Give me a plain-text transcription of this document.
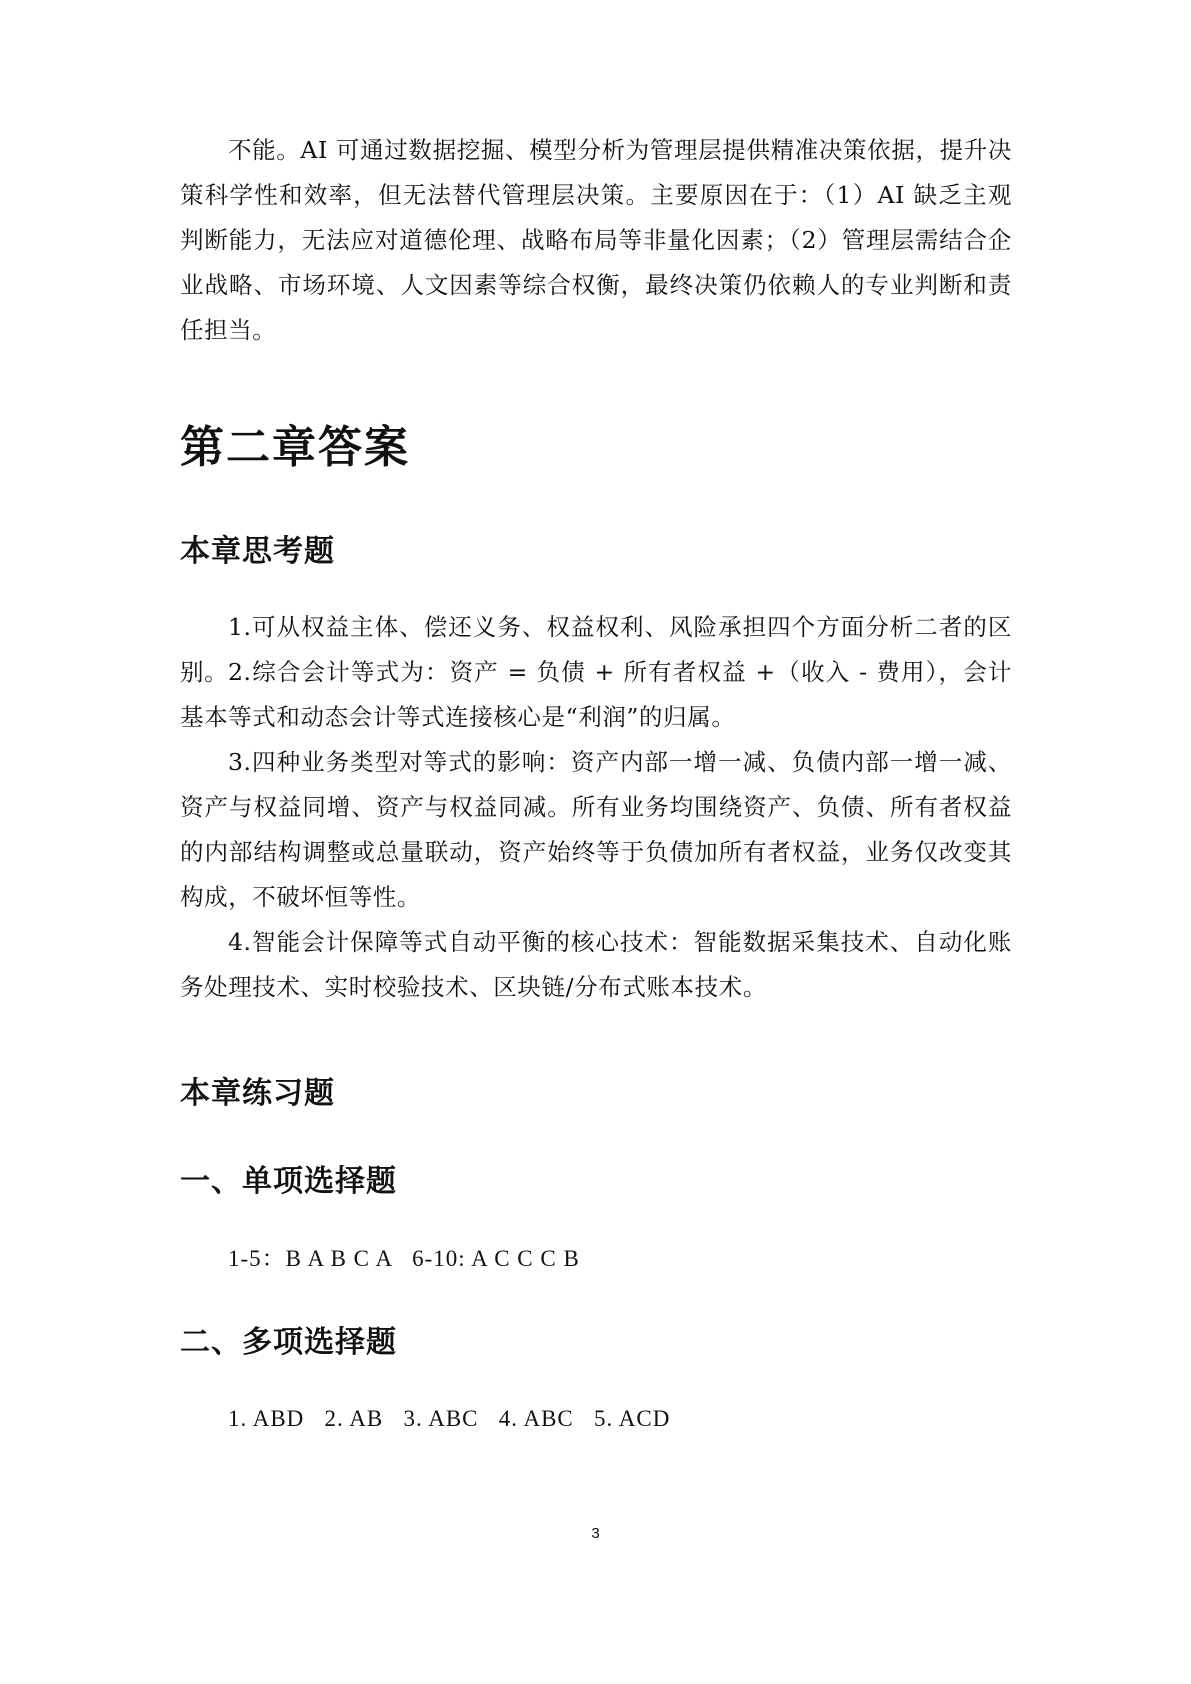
不能。AI 可通过数据挖掘、模型分析为管理层提供精准决策依据，提升决策科学性和效率，但无法替代管理层决策。主要原因在于：（1）AI 缺乏主观判断能力，无法应对道德伦理、战略布局等非量化因素；（2）管理层需结合企业战略、市场环境、人文因素等综合权衡，最终决策仍依赖人的专业判断和责任担当。

第二章答案
本章思考题

1.可从权益主体、偿还义务、权益权利、风险承担四个方面分析二者的区别。 2.综合会计等式为：资产 = 负债 + 所有者权益 +（收入 - 费用），会计基本等式和动态会计等式连接核心是“利润”的归属。

3.四种业务类型对等式的影响：资产内部一增一减、负债内部一增一减、资产与权益同增、资产与权益同减。所有业务均围绕资产、负债、所有者权益的内部结构调整或总量联动，资产始终等于负债加所有者权益，业务仅改变其构成，不破坏恒等性。

4.智能会计保障等式自动平衡的核心技术：智能数据采集技术、自动化账务处理技术、实时校验技术、区块链/分布式账本技术。

本章练习题
一、单项选择题

1-5：B A B C A   6-10: A C C C B

二、多项选择题

1. ABD   2. AB   3. ABC   4. ABC   5. ACD

3
